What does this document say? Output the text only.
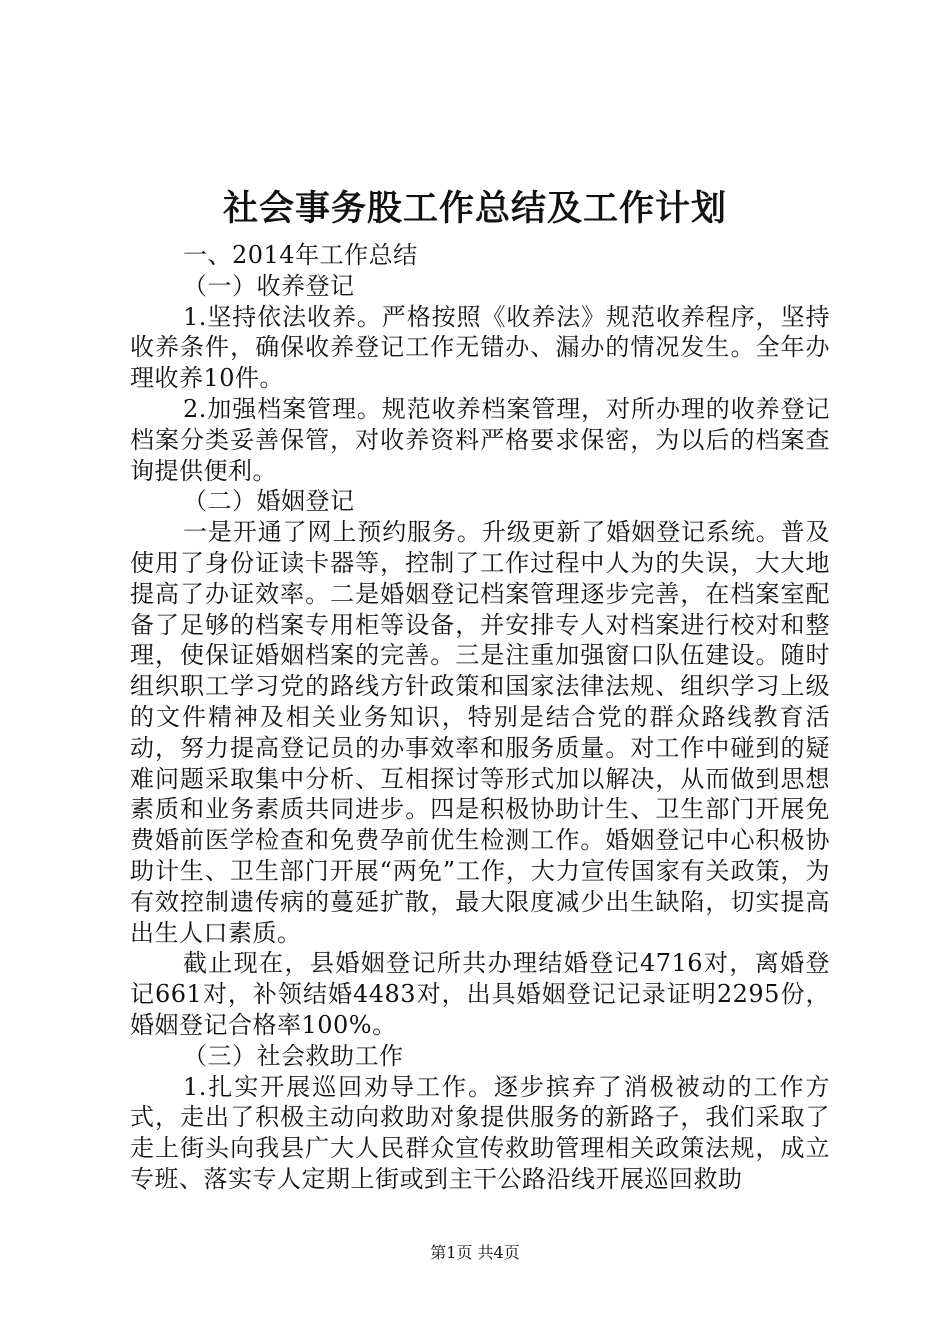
社会事务股工作总结及工作计划

一、2014年工作总结

（一）收养登记

1.坚持依法收养。严格按照《收养法》规范收养程序，坚持收养条件，确保收养登记工作无错办、漏办的情况发生。全年办理收养10件。

2.加强档案管理。规范收养档案管理，对所办理的收养登记档案分类妥善保管，对收养资料严格要求保密，为以后的档案查询提供便利。

（二）婚姻登记

一是开通了网上预约服务。升级更新了婚姻登记系统。普及使用了身份证读卡器等，控制了工作过程中人为的失误，大大地提高了办证效率。二是婚姻登记档案管理逐步完善，在档案室配备了足够的档案专用柜等设备，并安排专人对档案进行校对和整理，使保证婚姻档案的完善。三是注重加强窗口队伍建设。随时组织职工学习党的路线方针政策和国家法律法规、组织学习上级的文件精神及相关业务知识，特别是结合党的群众路线教育活动，努力提高登记员的办事效率和服务质量。对工作中碰到的疑难问题采取集中分析、互相探讨等形式加以解决，从而做到思想素质和业务素质共同进步。四是积极协助计生、卫生部门开展免费婚前医学检查和免费孕前优生检测工作。婚姻登记中心积极协助计生、卫生部门开展“两免”工作，大力宣传国家有关政策，为有效控制遗传病的蔓延扩散，最大限度减少出生缺陷，切实提高出生人口素质。

截止现在，县婚姻登记所共办理结婚登记4716对，离婚登记661对，补领结婚4483对，出具婚姻登记记录证明2295份，婚姻登记合格率100%。

（三）社会救助工作

1.扎实开展巡回劝导工作。逐步摈弃了消极被动的工作方式，走出了积极主动向救助对象提供服务的新路子，我们采取了走上街头向我县广大人民群众宣传救助管理相关政策法规，成立专班、落实专人定期上街或到主干公路沿线开展巡回救助

第1页 共4页
